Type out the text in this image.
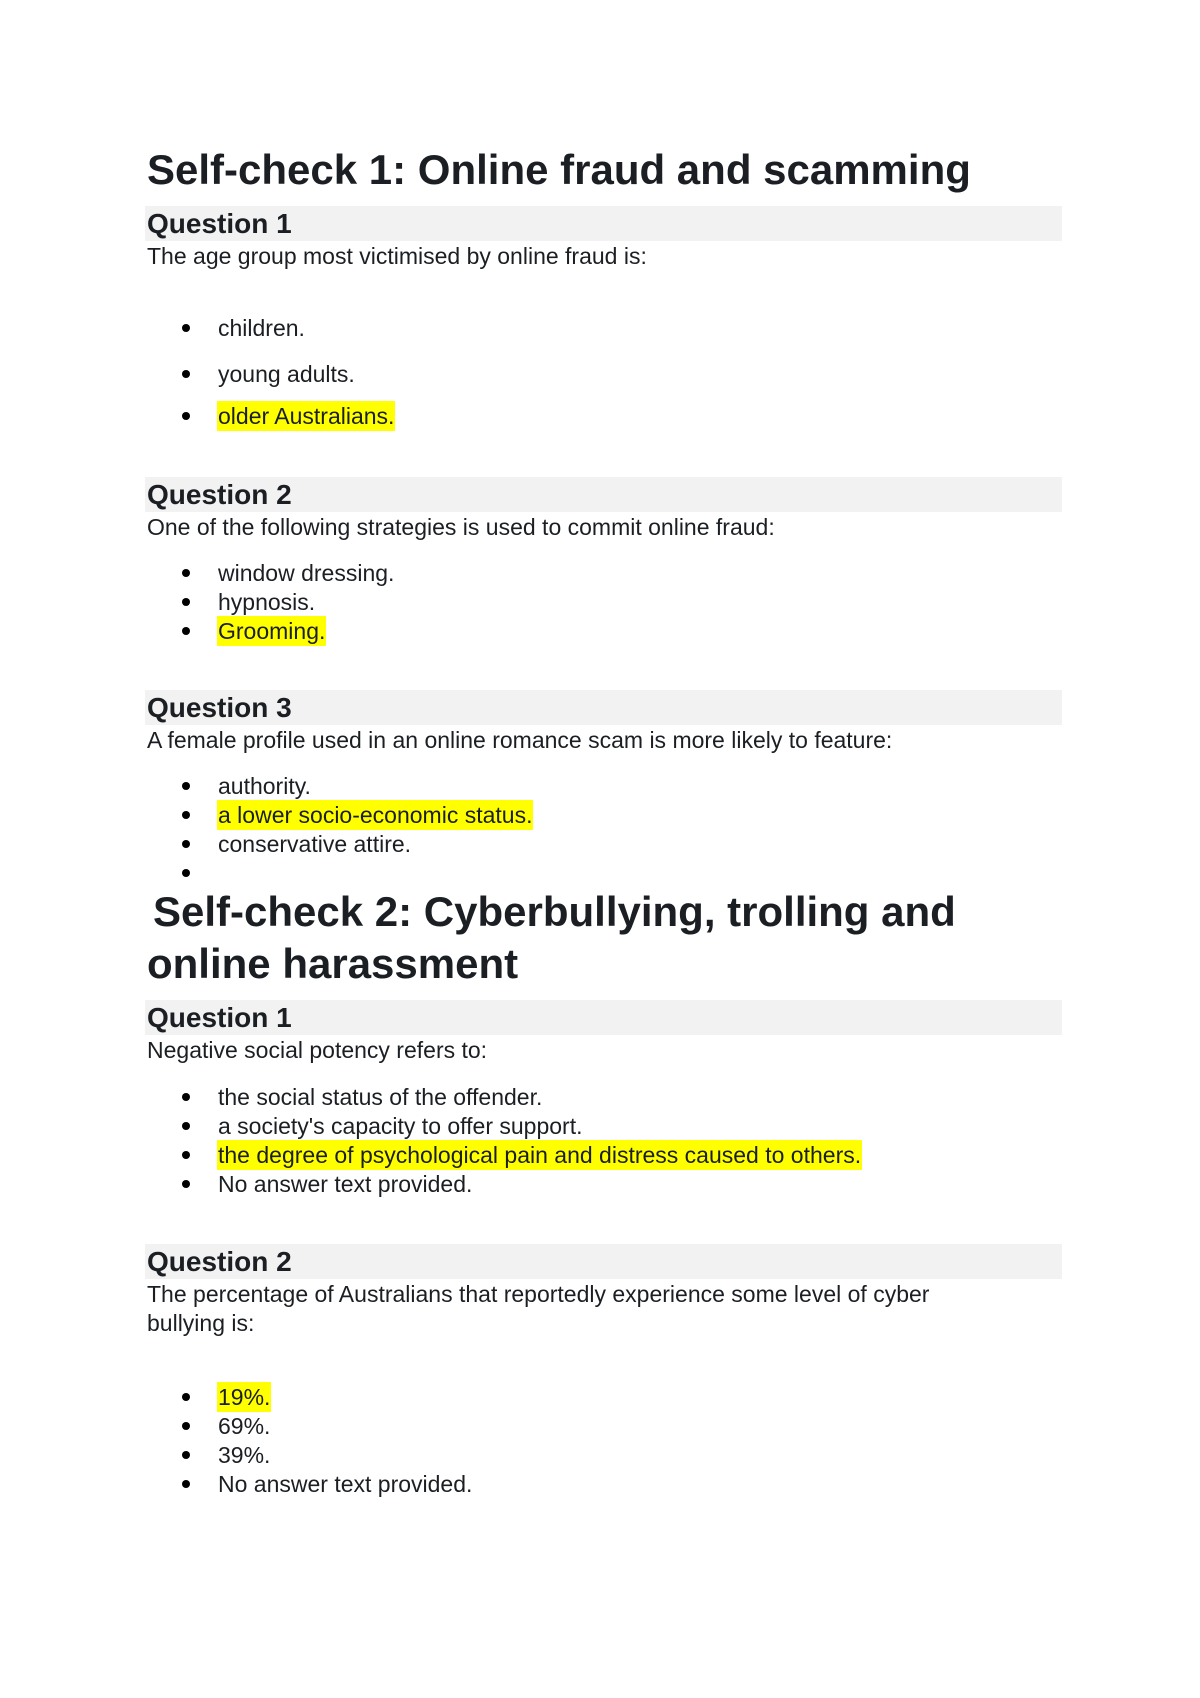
Self-check 1: Online fraud and scamming
Question 1

The age group most victimised by online fraud is:

children.
young adults.
older Australians.
Question 2

One of the following strategies is used to commit online fraud:

window dressing.
hypnosis.
Grooming.
Question 3

A female profile used in an online romance scam is more likely to feature:

authority.
a lower socio-economic status.
conservative attire.
Self-check 2: Cyberbullying, trolling and
online harassment
Question 1

Negative social potency refers to:

the social status of the offender.
a society's capacity to offer support.
the degree of psychological pain and distress caused to others.
No answer text provided.
Question 2

The percentage of Australians that reportedly experience some level of cyber

bullying is:

19%.
69%.
39%.
No answer text provided.
